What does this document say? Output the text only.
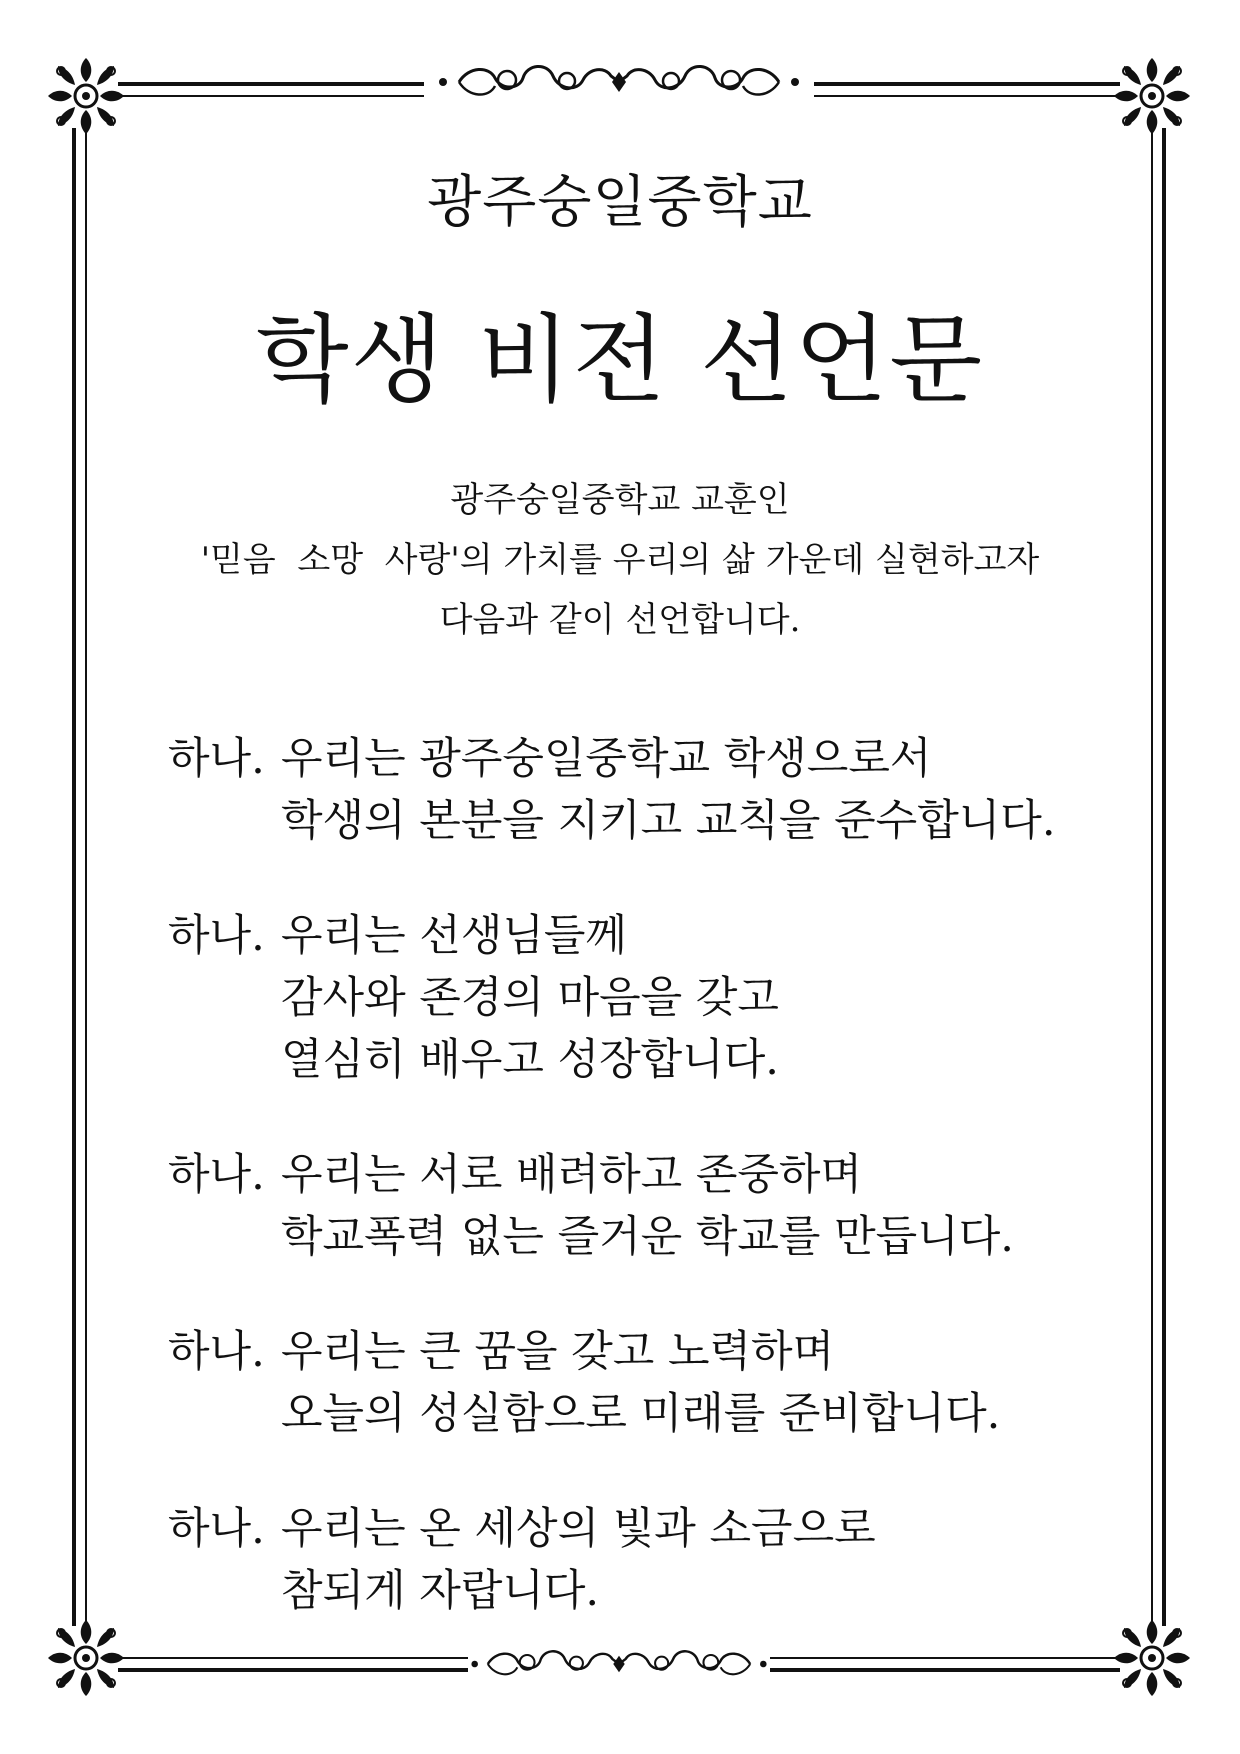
광주숭일중학교
학생 비전 선언문
광주숭일중학교 교훈인
'믿음  소망  사랑'의 가치를 우리의 삶 가운데 실현하고자
다음과 같이 선언합니다.
하나. 우리는 광주숭일중학교 학생으로서
학생의 본분을 지키고 교칙을 준수합니다.
하나. 우리는 선생님들께
감사와 존경의 마음을 갖고
열심히 배우고 성장합니다.
하나. 우리는 서로 배려하고 존중하며
학교폭력 없는 즐거운 학교를 만듭니다.
하나. 우리는 큰 꿈을 갖고 노력하며
오늘의 성실함으로 미래를 준비합니다.
하나. 우리는 온 세상의 빛과 소금으로
참되게 자랍니다.
